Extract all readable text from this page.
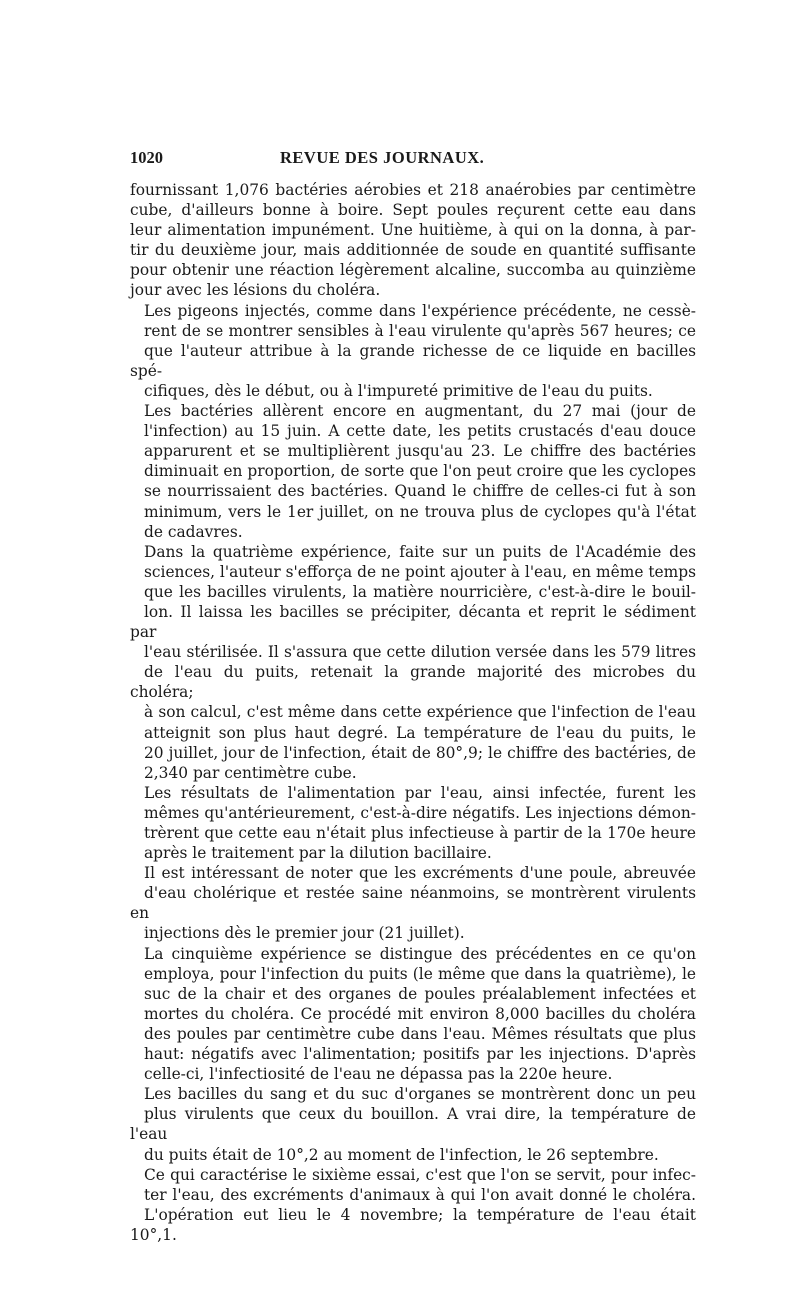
1020	REVUE DES JOURNAUX.

fournissant 1,076 bactéries aérobies et 218 anaérobies par centimètre
cube, d'ailleurs bonne à boire. Sept poules reçurent cette eau dans
leur alimentation impunément. Une huitième, à qui on la donna, à par-
tir du deuxième jour, mais additionnée de soude en quantité suffisante
pour obtenir une réaction légèrement alcaline, succomba au quinzième
jour avec les lésions du choléra.

Les pigeons injectés, comme dans l'expérience précédente, ne cessè-
rent de se montrer sensibles à l'eau virulente qu'après 567 heures; ce
que l'auteur attribue à la grande richesse de ce liquide en bacilles spé-
cifiques, dès le début, ou à l'impureté primitive de l'eau du puits.

Les bactéries allèrent encore en augmentant, du 27 mai (jour de
l'infection) au 15 juin. A cette date, les petits crustacés d'eau douce
apparurent et se multiplièrent jusqu'au 23. Le chiffre des bactéries
diminuait en proportion, de sorte que l'on peut croire que les cyclopes
se nourrissaient des bactéries. Quand le chiffre de celles-ci fut à son
minimum, vers le 1er juillet, on ne trouva plus de cyclopes qu'à l'état
de cadavres.

Dans la quatrième expérience, faite sur un puits de l'Académie des
sciences, l'auteur s'efforça de ne point ajouter à l'eau, en même temps
que les bacilles virulents, la matière nourricière, c'est-à-dire le bouil-
lon. Il laissa les bacilles se précipiter, décanta et reprit le sédiment par
l'eau stérilisée. Il s'assura que cette dilution versée dans les 579 litres
de l'eau du puits, retenait la grande majorité des microbes du choléra;
à son calcul, c'est même dans cette expérience que l'infection de l'eau
atteignit son plus haut degré. La température de l'eau du puits, le
20 juillet, jour de l'infection, était de 80°,9; le chiffre des bactéries, de
2,340 par centimètre cube.

Les résultats de l'alimentation par l'eau, ainsi infectée, furent les
mêmes qu'antérieurement, c'est-à-dire négatifs. Les injections démon-
trèrent que cette eau n'était plus infectieuse à partir de la 170e heure
après le traitement par la dilution bacillaire.

Il est intéressant de noter que les excréments d'une poule, abreuvée
d'eau cholérique et restée saine néanmoins, se montrèrent virulents en
injections dès le premier jour (21 juillet).

La cinquième expérience se distingue des précédentes en ce qu'on
employa, pour l'infection du puits (le même que dans la quatrième), le
suc de la chair et des organes de poules préalablement infectées et
mortes du choléra. Ce procédé mit environ 8,000 bacilles du choléra
des poules par centimètre cube dans l'eau. Mêmes résultats que plus
haut: négatifs avec l'alimentation; positifs par les injections. D'après
celle-ci, l'infectiosité de l'eau ne dépassa pas la 220e heure.

Les bacilles du sang et du suc d'organes se montrèrent donc un peu
plus virulents que ceux du bouillon. A vrai dire, la température de l'eau
du puits était de 10°,2 au moment de l'infection, le 26 septembre.

Ce qui caractérise le sixième essai, c'est que l'on se servit, pour infec-
ter l'eau, des excréments d'animaux à qui l'on avait donné le choléra.
L'opération eut lieu le 4 novembre; la température de l'eau était 10°,1.
